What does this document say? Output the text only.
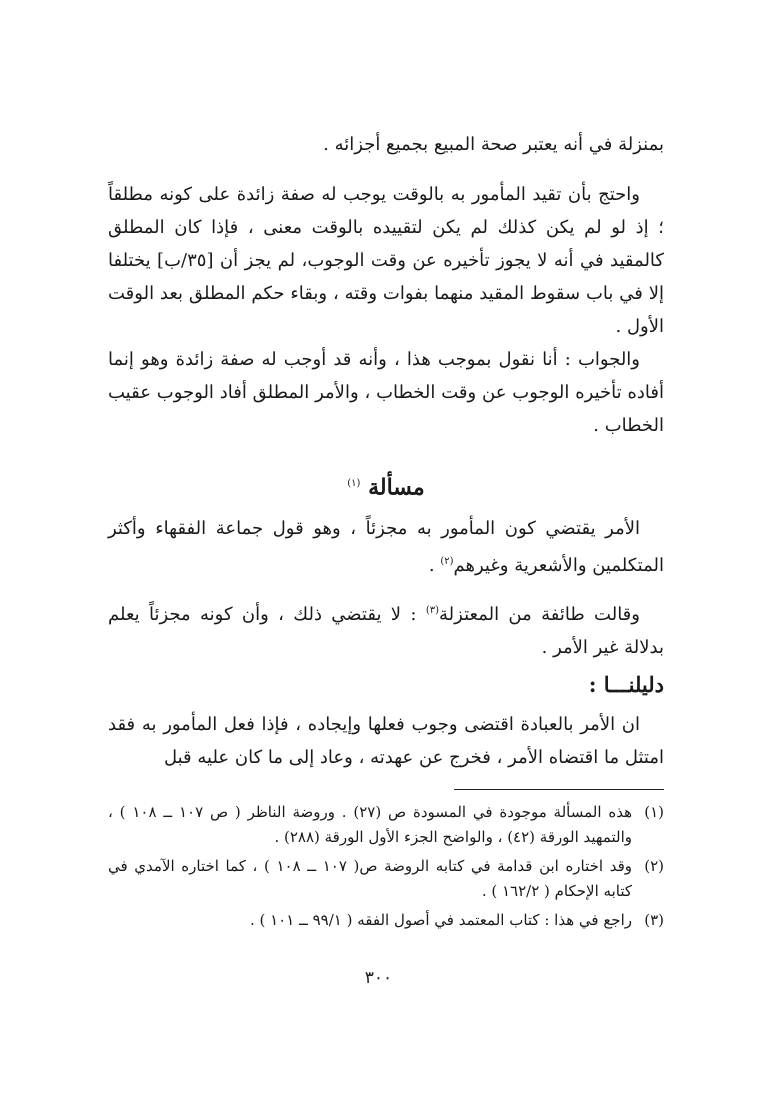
بمنزلة في أنه يعتبر صحة المبيع بجميع أجزائه .

واحتج بأن تقيد المأمور به بالوقت يوجب له صفة زائدة على كونه مطلقاً ؛ إذ لو لم يكن كذلك لم يكن لتقييده بالوقت معنى ، فإذا كان المطلق كالمقيد في أنه لا يجوز تأخيره عن وقت الوجوب، لم يجز أن [٣٥/ب] يختلفا إلا في باب سقوط المقيد منهما بفوات وقته ، وبقاء حكم المطلق بعد الوقت الأول .

والجواب : أنا نقول بموجب هذا ، وأنه قد أوجب له صفة زائدة وهو إنما أفاده تأخيره الوجوب عن وقت الخطاب ، والأمر المطلق أفاد الوجوب عقيب الخطاب .

مسألة $^{(١)}$

الأمر يقتضي كون المأمور به مجزئاً ، وهو قول جماعة الفقهاء وأكثر المتكلمين والأشعرية وغيرهم$^{(٢)}$ .

وقالت طائفة من المعتزلة$^{(٣)}$ : لا يقتضي ذلك ، وأن كونه مجزئاً يعلم بدلالة غير الأمر .

دليلنـــا :

ان الأمر بالعبادة اقتضى وجوب فعلها وإيجاده ، فإذا فعل المأمور به فقد امتثل ما اقتضاه الأمر ، فخرج عن عهدته ، وعاد إلى ما كان عليه قبل

(١)
هذه المسألة موجودة في المسودة ص (٢٧) . وروضة الناظر ( ص ١٠٧ ــ ١٠٨ ) ، والتمهيد الورقة (٤٢) ، والواضح الجزء الأول الورقة (٢٨٨) .
(٢)
وقد اختاره ابن قدامة في كتابه الروضة ص( ١٠٧ ــ ١٠٨ ) ، كما اختاره الآمدي في كتابه الإحكام ( ١٦٢/٢ ) .
(٣)
راجع في هذا : كتاب المعتمد في أصول الفقه ( ٩٩/١ ــ ١٠١ ) .
٣٠٠
